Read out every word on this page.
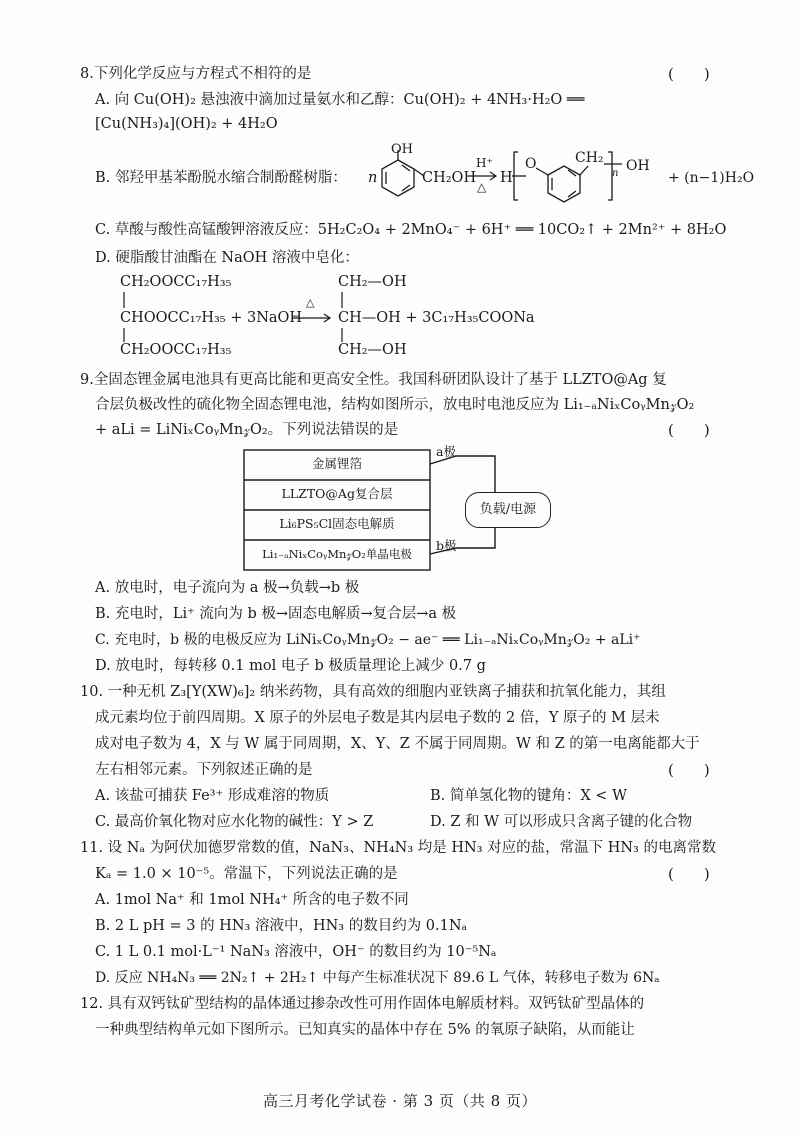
8.下列化学反应与方程式不相符的是	(　　)
A. 向 Cu(OH)₂ 悬浊液中滴加过量氨水和乙醇：Cu(OH)₂ + 4NH₃·H₂O ══
[Cu(NH₃)₄](OH)₂ + 4H₂O
B. 邻羟甲基苯酚脱水缩合制酚醛树脂： n	CH₂OH H	+ (n−1)H₂O
OH
H⁺
△
O	CH₂
n OH
C. 草酸与酸性高锰酸钾溶液反应：5H₂C₂O₄ + 2MnO₄⁻ + 6H⁺ ══ 10CO₂↑ + 2Mn²⁺ + 8H₂O
D. 硬脂酸甘油酯在 NaOH 溶液中皂化：
CH₂OOCC₁₇H₃₅	CH₂—OH
CHOOCC₁₇H₃₅ + 3NaOH CH—OH + 3C₁₇H₃₅COONa
CH₂OOCC₁₇H₃₅	CH₂—OH
△
9.全固态锂金属电池具有更高比能和更高安全性。我国科研团队设计了基于 LLZTO@Ag 复
合层负极改性的硫化物全固态锂电池，结构如图所示，放电时电池反应为 Li₁₋ₐNiₓCoᵧMn𝓏O₂
+ aLi = LiNiₓCoᵧMn𝓏O₂。下列说法错误的是	(　　)
金属锂箔
LLZTO@Ag复合层
Li₆PS₅Cl固态电解质
Li₁₋ₐNiₓCoᵧMn𝓏O₂单晶电极
a极
b极
负载/电源
A. 放电时，电子流向为 a 极→负载→b 极
B. 充电时，Li⁺ 流向为 b 极→固态电解质→复合层→a 极
C. 充电时，b 极的电极反应为 LiNiₓCoᵧMn𝓏O₂ − ae⁻ ══ Li₁₋ₐNiₓCoᵧMn𝓏O₂ + aLi⁺
D. 放电时，每转移 0.1 mol 电子 b 极质量理论上减少 0.7 g
10. 一种无机 Z₃[Y(XW)₆]₂ 纳米药物，具有高效的细胞内亚铁离子捕获和抗氧化能力，其组
成元素均位于前四周期。X 原子的外层电子数是其内层电子数的 2 倍，Y 原子的 M 层未
成对电子数为 4，X 与 W 属于同周期，X、Y、Z 不属于同周期。W 和 Z 的第一电离能都大于
左右相邻元素。下列叙述正确的是	(　　)
A. 该盐可捕获 Fe³⁺ 形成难溶的物质	B. 简单氢化物的键角：X < W
C. 最高价氧化物对应水化物的碱性：Y > Z	D. Z 和 W 可以形成只含离子键的化合物
11. 设 Nₐ 为阿伏加德罗常数的值，NaN₃、NH₄N₃ 均是 HN₃ 对应的盐，常温下 HN₃ 的电离常数
Kₐ = 1.0 × 10⁻⁵。常温下，下列说法正确的是	(　　)
A. 1mol Na⁺ 和 1mol NH₄⁺ 所含的电子数不同
B. 2 L pH = 3 的 HN₃ 溶液中，HN₃ 的数目约为 0.1Nₐ
C. 1 L 0.1 mol·L⁻¹ NaN₃ 溶液中，OH⁻ 的数目约为 10⁻⁵Nₐ
D. 反应 NH₄N₃ ══ 2N₂↑ + 2H₂↑ 中每产生标准状况下 89.6 L 气体，转移电子数为 6Nₐ
12. 具有双钙钛矿型结构的晶体通过掺杂改性可用作固体电解质材料。双钙钛矿型晶体的
一种典型结构单元如下图所示。已知真实的晶体中存在 5% 的氧原子缺陷，从而能让
高三月考化学试卷 · 第 3 页（共 8 页）
